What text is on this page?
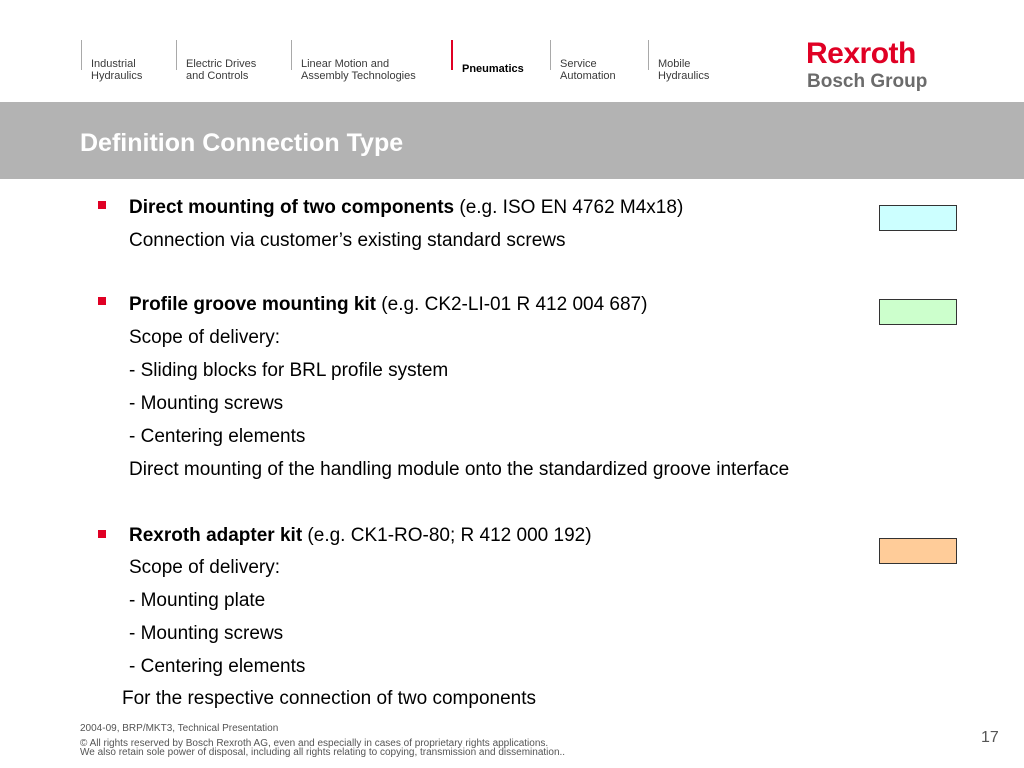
Industrial
Hydraulics

Electric Drives
and Controls

Linear Motion and
Assembly Technologies

Pneumatics	Service
Automation

Mobile
Hydraulics

Rexroth
Bosch Group
Definition Connection Type
Direct mounting of two components (e.g. ISO EN 4762 M4x18)
Connection via customer’s existing standard screws
Profile groove mounting kit (e.g. CK2-LI-01 R 412 004 687)
Scope of delivery:
- Sliding blocks for BRL profile system
- Mounting screws
- Centering elements
Direct mounting of the handling module onto the standardized groove interface
Rexroth adapter kit (e.g. CK1-RO-80; R 412 000 192)
Scope of delivery:
- Mounting plate
- Mounting screws
- Centering elements
For the respective connection of two components
2004-09, BRP/MKT3, Technical Presentation
© All rights reserved by Bosch Rexroth AG, even and especially in cases of proprietary rights applications.
We also retain sole power of disposal, including all rights relating to copying, transmission and dissemination..
17
